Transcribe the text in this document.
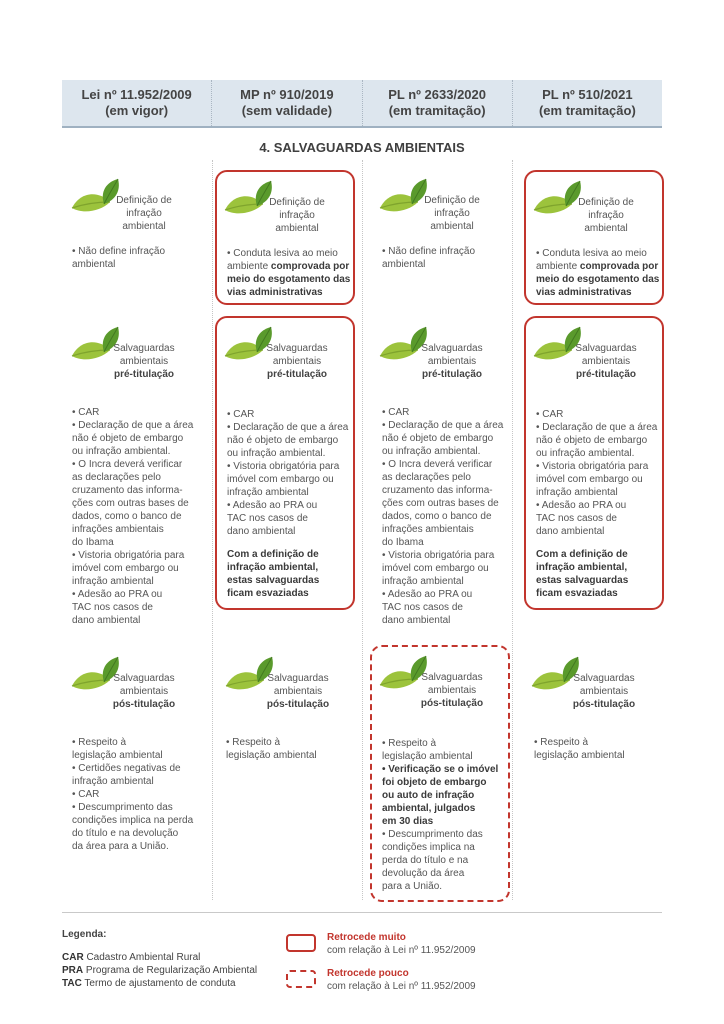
Lei nº 11.952/2009
(em vigor)
MP nº 910/2019
(sem validade)
PL nº 2633/2020
(em tramitação)
PL nº 510/2021
(em tramitação)
4. SALVAGUARDAS AMBIENTAIS
Definição de
infração ambiental
• Não define infração
ambiental
Definição de
infração ambiental
• Conduta lesiva ao meio
ambiente comprovada por
meio do esgotamento das
vias administrativas
Definição de
infração ambiental
• Não define infração
ambiental
Definição de
infração ambiental
• Conduta lesiva ao meio
ambiente comprovada por
meio do esgotamento das
vias administrativas
Salvaguardas
ambientais
pré-titulação
• CAR
• Declaração de que a área
não é objeto de embargo
ou infração ambiental.
• O Incra deverá verificar
as declarações pelo
cruzamento das informa-
ções com outras bases de
dados, como o banco de
infrações ambientais
do Ibama
• Vistoria obrigatória para
imóvel com embargo ou
infração ambiental
• Adesão ao PRA ou
TAC nos casos de
dano ambiental
Salvaguardas
ambientais
pré-titulação
• CAR
• Declaração de que a área
não é objeto de embargo
ou infração ambiental.
• Vistoria obrigatória para
imóvel com embargo ou
infração ambiental
• Adesão ao PRA ou
TAC nos casos de
dano ambiental
Com a definição de
infração ambiental,
estas salvaguardas
ficam esvaziadas
Salvaguardas
ambientais
pré-titulação
• CAR
• Declaração de que a área
não é objeto de embargo
ou infração ambiental.
• O Incra deverá verificar
as declarações pelo
cruzamento das informa-
ções com outras bases de
dados, como o banco de
infrações ambientais
do Ibama
• Vistoria obrigatória para
imóvel com embargo ou
infração ambiental
• Adesão ao PRA ou
TAC nos casos de
dano ambiental
Salvaguardas
ambientais
pré-titulação
• CAR
• Declaração de que a área
não é objeto de embargo
ou infração ambiental.
• Vistoria obrigatória para
imóvel com embargo ou
infração ambiental
• Adesão ao PRA ou
TAC nos casos de
dano ambiental
Com a definição de
infração ambiental,
estas salvaguardas
ficam esvaziadas
Salvaguardas
ambientais
pós-titulação
• Respeito à
legislação ambiental
• Certidões negativas de
infração ambiental
• CAR
• Descumprimento das
condições implica na perda
do título e na devolução
da área para a União.
Salvaguardas
ambientais
pós-titulação
• Respeito à
legislação ambiental
Salvaguardas
ambientais
pós-titulação
• Respeito à
legislação ambiental
• Verificação se o imóvel
foi objeto de embargo
ou auto de infração
ambiental, julgados
em 30 dias
• Descumprimento das
condições implica na
perda do título e na
devolução da área
para a União.
Salvaguardas
ambientais
pós-titulação
• Respeito à
legislação ambiental
Legenda:
CAR Cadastro Ambiental Rural
PRA Programa de Regularização Ambiental
TAC Termo de ajustamento de conduta
Retrocede muito
com relação à Lei nº 11.952/2009
Retrocede pouco
com relação à Lei nº 11.952/2009
